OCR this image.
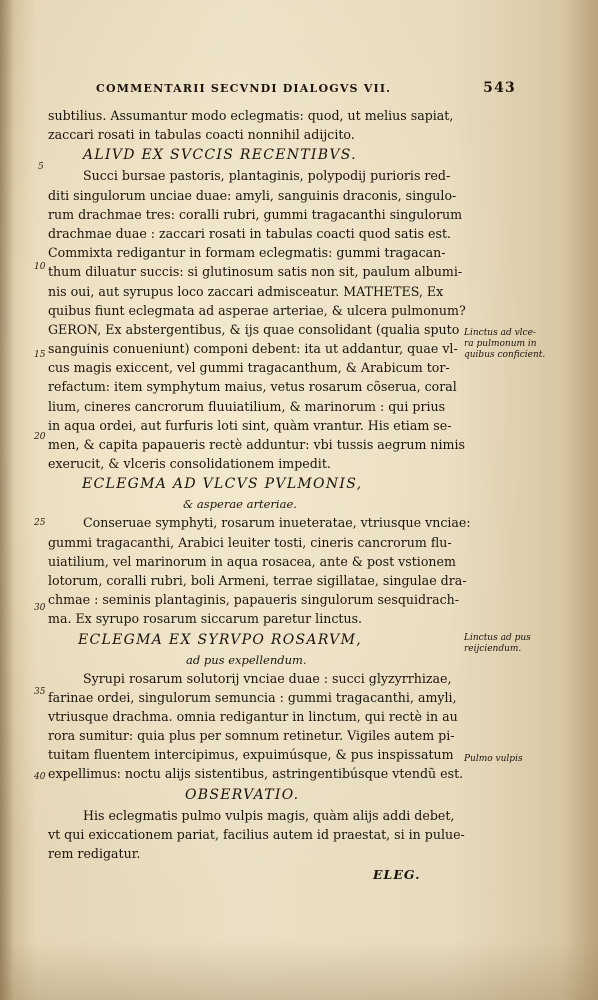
COMMENTARII SECVNDI DIALOGVS VII.	543
5
10
15
20
25
30
35
40
subtilius. Assumantur modo eclegmatis: quod, ut melius sapiat,
zaccari rosati in tabulas coacti nonnihil adijcito.
ALIVD EX SVCCIS RECENTIBVS.
Succi bursae pastoris, plantaginis, polypodij purioris red-
diti singulorum unciae duae: amyli, sanguinis draconis, singulo-
rum drachmae tres: coralli rubri, gummi tragacanthi singulorum
drachmae duae : zaccari rosati in tabulas coacti quod satis est.
Commixta redigantur in formam eclegmatis: gummi tragacan-
thum diluatur succis: si glutinosum satis non sit, paulum albumi-
nis oui, aut syrupus loco zaccari admisceatur. MATHETES, Ex
quibus fiunt eclegmata ad asperae arteriae, & ulcera pulmonum?
GERON, Ex abstergentibus, & ijs quae consolidant (qualia sputo
sanguinis conueniunt) componi debent: ita ut addantur, quae vl-
cus magis exiccent, vel gummi tragacanthum, & Arabicum tor-
refactum: item symphytum maius, vetus rosarum cõserua, coral
lium, cineres cancrorum fluuiatilium, & marinorum : qui prius
in aqua ordei, aut furfuris loti sint, quàm vrantur. His etiam se-
men, & capita papaueris rectè adduntur: vbi tussis aegrum nimis
exerucit, & vlceris consolidationem impedit.
ECLEGMA AD VLCVS PVLMONIS,
& asperae arteriae.
Conseruae symphyti, rosarum inueteratae, vtriusque vnciae:
gummi tragacanthi, Arabici leuiter tosti, cineris cancrorum flu-
uiatilium, vel marinorum in aqua rosacea, ante & post vstionem
lotorum, coralli rubri, boli Armeni, terrae sigillatae, singulae dra-
chmae : seminis plantaginis, papaueris singulorum sesquidrach-
ma. Ex syrupo rosarum siccarum paretur linctus.
ECLEGMA EX SYRVPO ROSARVM,
ad pus expellendum.
Syrupi rosarum solutorij vnciae duae : succi glyzyrrhizae,
farinae ordei, singulorum semuncia : gummi tragacanthi, amyli,
vtriusque drachma. omnia redigantur in linctum, qui rectè in au
rora sumitur: quia plus per somnum retinetur. Vigiles autem pi-
tuitam fluentem intercipimus, expuimúsque, & pus inspissatum
expellimus: noctu alijs sistentibus, astringentibúsque vtendũ est.
OBSERVATIO.
His eclegmatis pulmo vulpis magis, quàm alijs addi debet,
vt qui exiccationem pariat, facilius autem id praestat, si in pulue-
rem redigatur.
ELEG.
Linctus ad vlce-
ra pulmonum in
quibus conficient.
Linctus ad pus
reijciendum.
Pulmo vulpis
